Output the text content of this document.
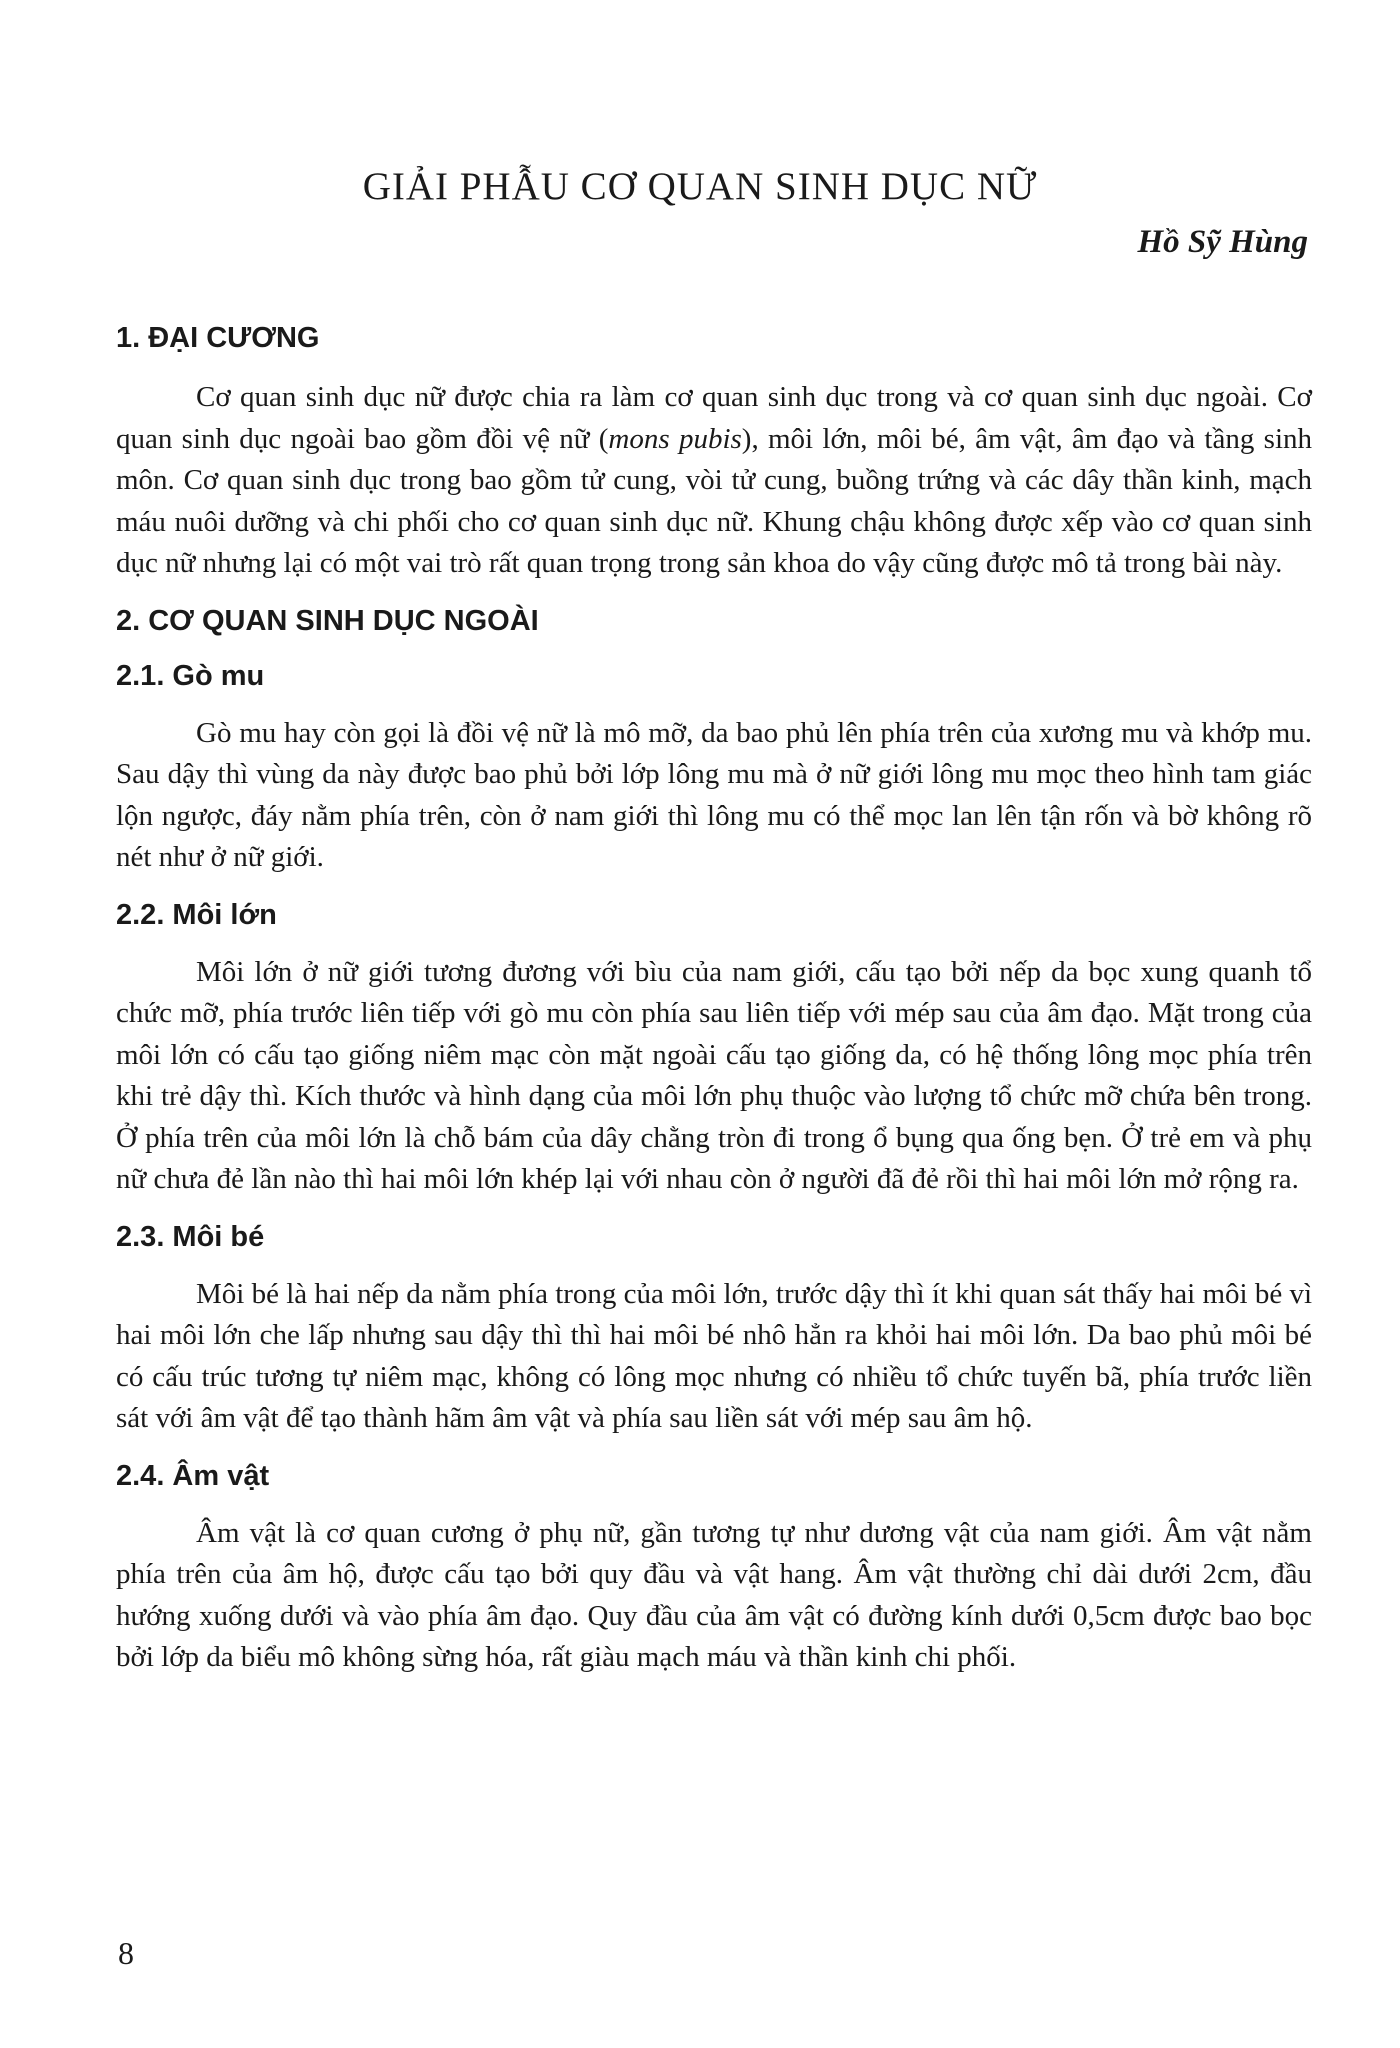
GIẢI PHẪU CƠ QUAN SINH DỤC NỮ
Hồ Sỹ Hùng
1. ĐẠI CƯƠNG

Cơ quan sinh dục nữ được chia ra làm cơ quan sinh dục trong và cơ quan sinh dục ngoài. Cơ quan sinh dục ngoài bao gồm đồi vệ nữ (mons pubis), môi lớn, môi bé, âm vật, âm đạo và tầng sinh môn. Cơ quan sinh dục trong bao gồm tử cung, vòi tử cung, buồng trứng và các dây thần kinh, mạch máu nuôi dưỡng và chi phối cho cơ quan sinh dục nữ. Khung chậu không được xếp vào cơ quan sinh dục nữ nhưng lại có một vai trò rất quan trọng trong sản khoa do vậy cũng được mô tả trong bài này.

2. CƠ QUAN SINH DỤC NGOÀI
2.1. Gò mu

Gò mu hay còn gọi là đồi vệ nữ là mô mỡ, da bao phủ lên phía trên của xương mu và khớp mu. Sau dậy thì vùng da này được bao phủ bởi lớp lông mu mà ở nữ giới lông mu mọc theo hình tam giác lộn ngược, đáy nằm phía trên, còn ở nam giới thì lông mu có thể mọc lan lên tận rốn và bờ không rõ nét như ở nữ giới.

2.2. Môi lớn

Môi lớn ở nữ giới tương đương với bìu của nam giới, cấu tạo bởi nếp da bọc xung quanh tổ chức mỡ, phía trước liên tiếp với gò mu còn phía sau liên tiếp với mép sau của âm đạo. Mặt trong của môi lớn có cấu tạo giống niêm mạc còn mặt ngoài cấu tạo giống da, có hệ thống lông mọc phía trên khi trẻ dậy thì. Kích thước và hình dạng của môi lớn phụ thuộc vào lượng tổ chức mỡ chứa bên trong. Ở phía trên của môi lớn là chỗ bám của dây chằng tròn đi trong ổ bụng qua ống bẹn. Ở trẻ em và phụ nữ chưa đẻ lần nào thì hai môi lớn khép lại với nhau còn ở người đã đẻ rồi thì hai môi lớn mở rộng ra.

2.3. Môi bé

Môi bé là hai nếp da nằm phía trong của môi lớn, trước dậy thì ít khi quan sát thấy hai môi bé vì hai môi lớn che lấp nhưng sau dậy thì thì hai môi bé nhô hẳn ra khỏi hai môi lớn. Da bao phủ môi bé có cấu trúc tương tự niêm mạc, không có lông mọc nhưng có nhiều tổ chức tuyến bã, phía trước liền sát với âm vật để tạo thành hãm âm vật và phía sau liền sát với mép sau âm hộ.

2.4. Âm vật

Âm vật là cơ quan cương ở phụ nữ, gần tương tự như dương vật của nam giới. Âm vật nằm phía trên của âm hộ, được cấu tạo bởi quy đầu và vật hang. Âm vật thường chỉ dài dưới 2cm, đầu hướng xuống dưới và vào phía âm đạo. Quy đầu của âm vật có đường kính dưới 0,5cm được bao bọc bởi lớp da biểu mô không sừng hóa, rất giàu mạch máu và thần kinh chi phối.

8
